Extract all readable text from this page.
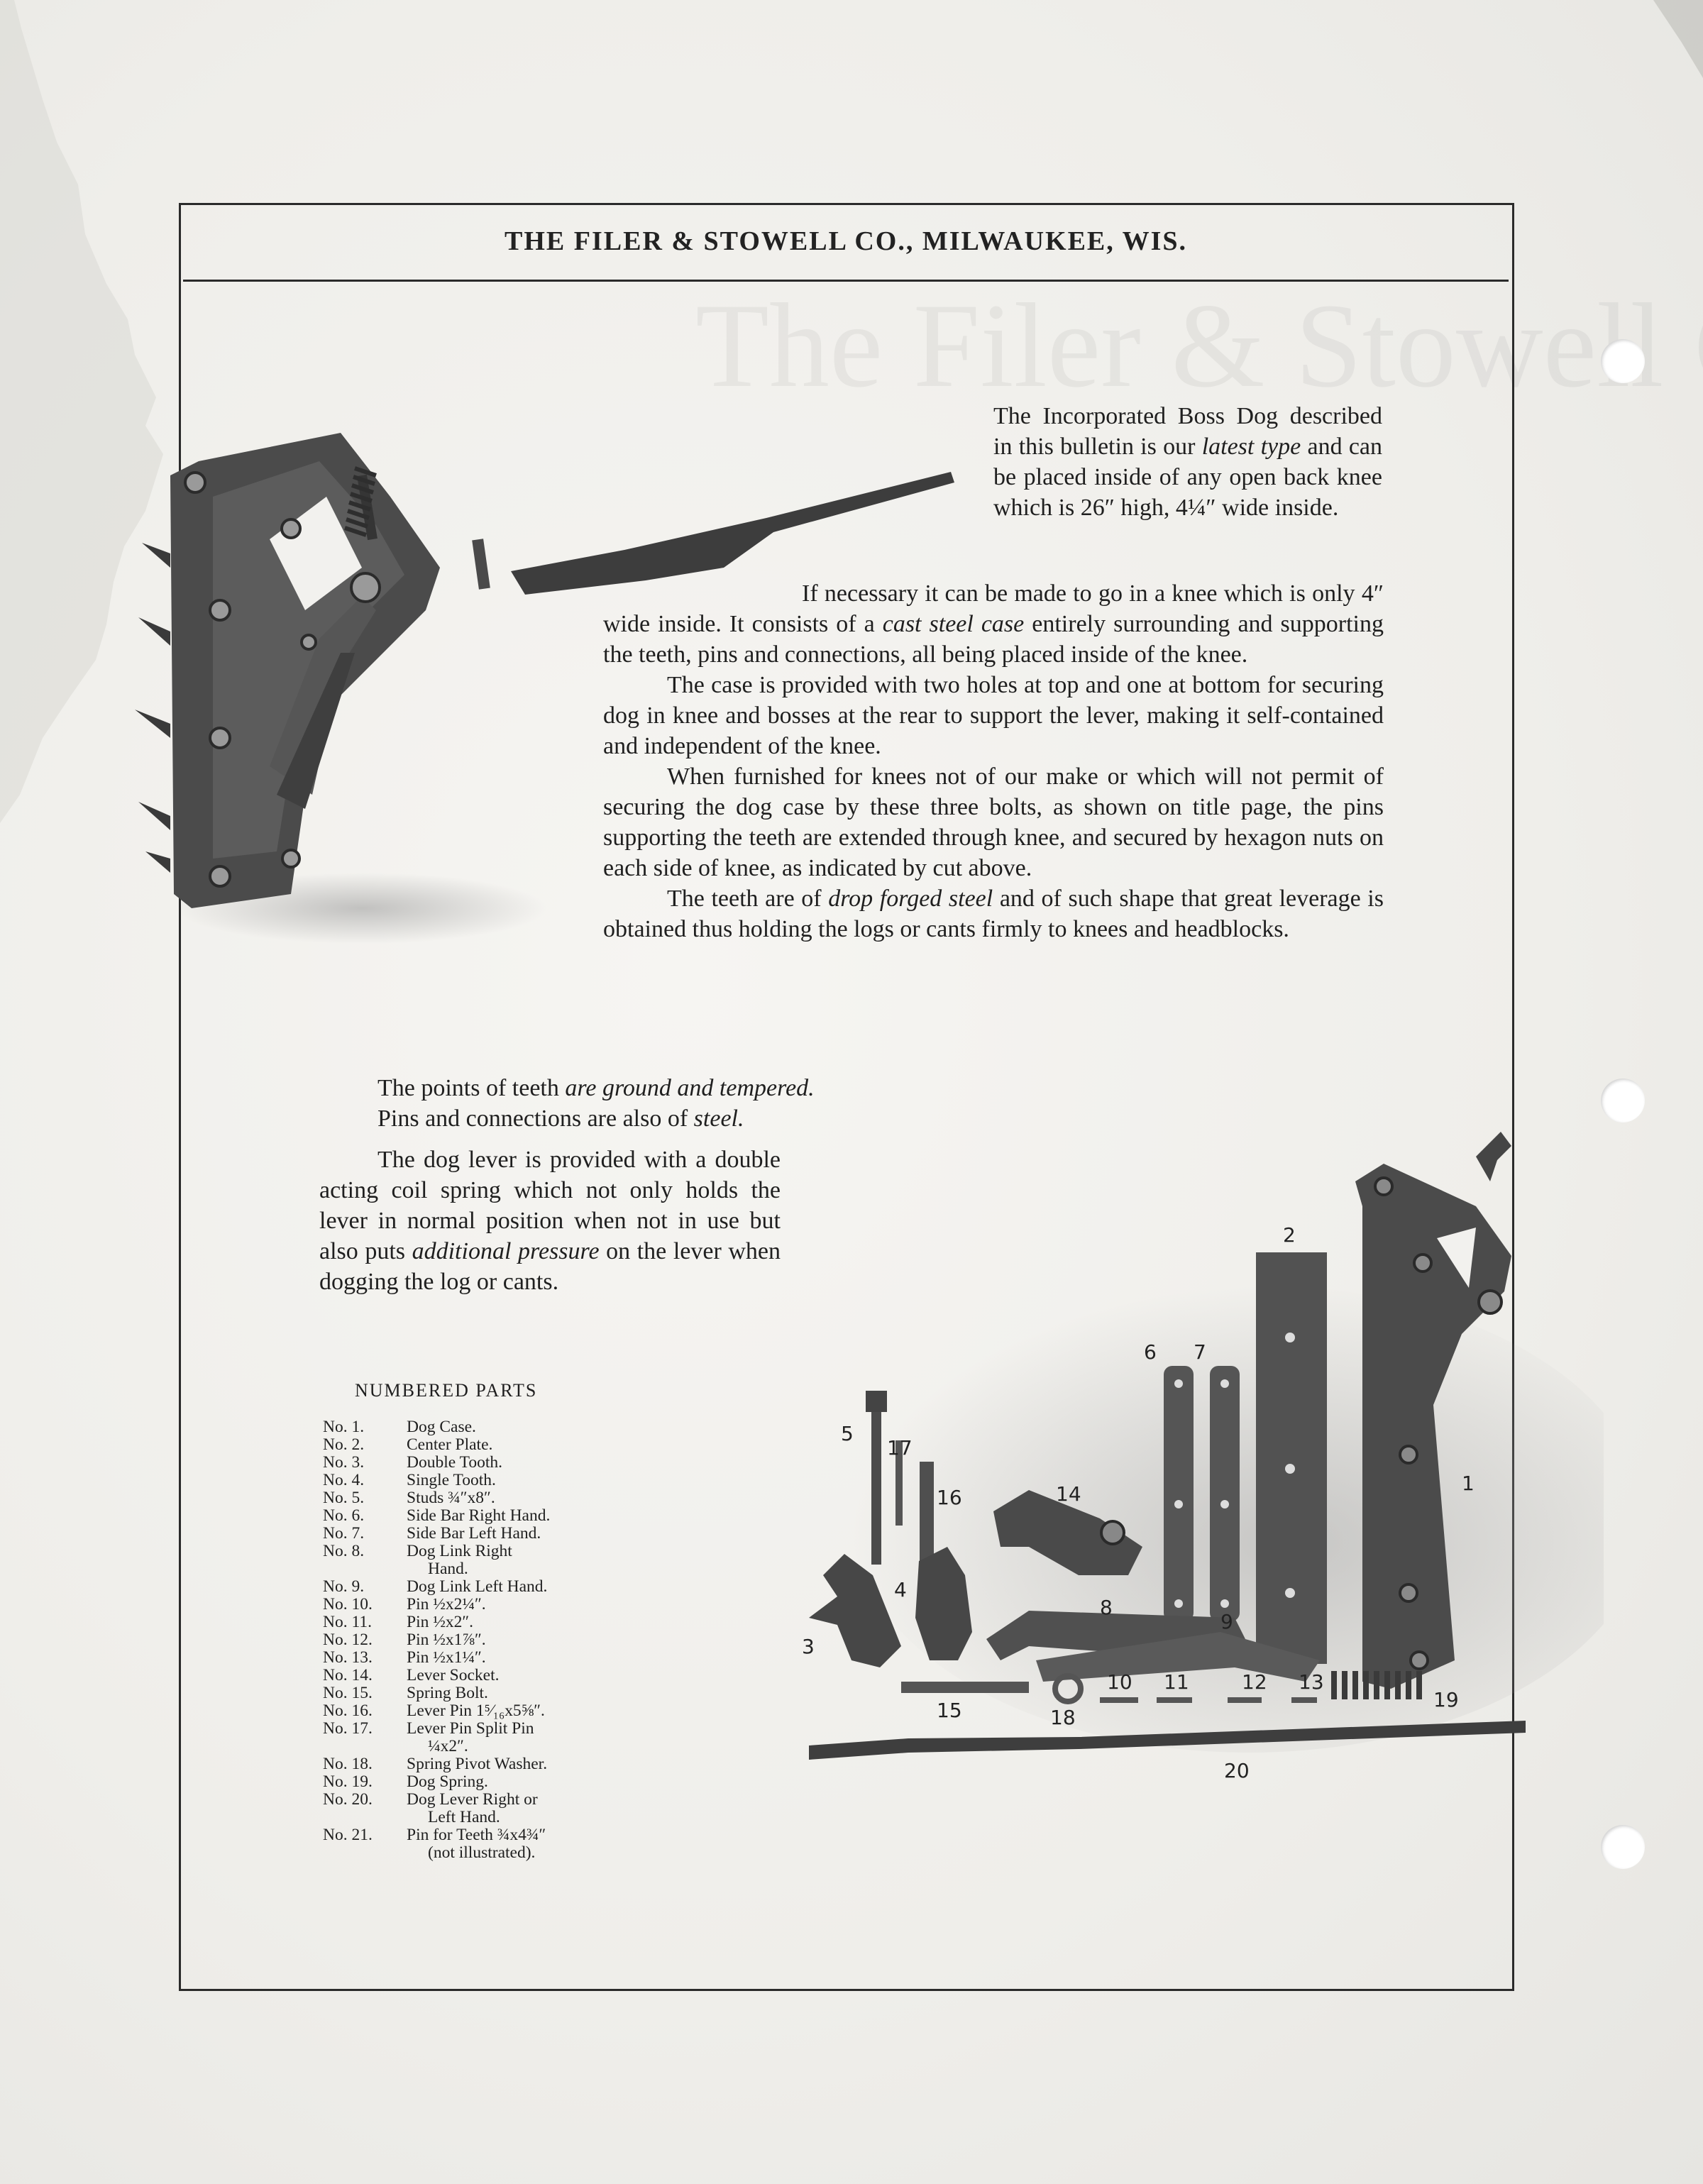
THE FILER & STOWELL CO., MILWAUKEE, WIS.

The Incorporated Boss Dog described in this bulletin is our latest type and can be placed inside of any open back knee which is 26″ high, 4¼″ wide inside.

If necessary it can be made to go in a knee which is only 4″ wide inside. It consists of a cast steel case entirely surrounding and supporting the teeth, pins and connections, all being placed inside of the knee.

The case is provided with two holes at top and one at bottom for securing dog in knee and bosses at the rear to support the lever, making it self-contained and independent of the knee.

When furnished for knees not of our make or which will not permit of securing the dog case by these three bolts, as shown on title page, the pins supporting the teeth are extended through knee, and secured by hexagon nuts on each side of knee, as indicated by cut above.

The teeth are of drop forged steel and of such shape that great leverage is obtained thus holding the logs or cants firmly to knees and headblocks.

The points of teeth are ground and tempered.

Pins and connections are also of steel.

The dog lever is provided with a double acting coil spring which not only holds the lever in normal position when not in use but also puts additional pressure on the lever when dogging the log or cants.

NUMBERED PARTS
No. 1.	Dog Case.
No. 2.	Center Plate.
No. 3.	Double Tooth.
No. 4.	Single Tooth.
No. 5.	Studs ¾″x8″.
No. 6.	Side Bar Right Hand.
No. 7.	Side Bar Left Hand.
No. 8.	Dog Link Right
Hand.
No. 9.	Dog Link Left Hand.
No. 10.	Pin ½x2¼″.
No. 11.	Pin ½x2″.
No. 12.	Pin ½x1⅞″.
No. 13.	Pin ½x1¼″.
No. 14.	Lever Socket.
No. 15.	Spring Bolt.
No. 16.	Lever Pin 1⁵⁄₁₆x5⅝″.
No. 17.	Lever Pin Split Pin
¼x2″.
No. 18.	Spring Pivot Washer.
No. 19.	Dog Spring.
No. 20.	Dog Lever Right or
Left Hand.
No. 21.	Pin for Teeth ¾x4¾″
(not illustrated).
1
2
3
4
5
6 7
8
9
10 11	12 13
14
15
16
17
18
19
20
